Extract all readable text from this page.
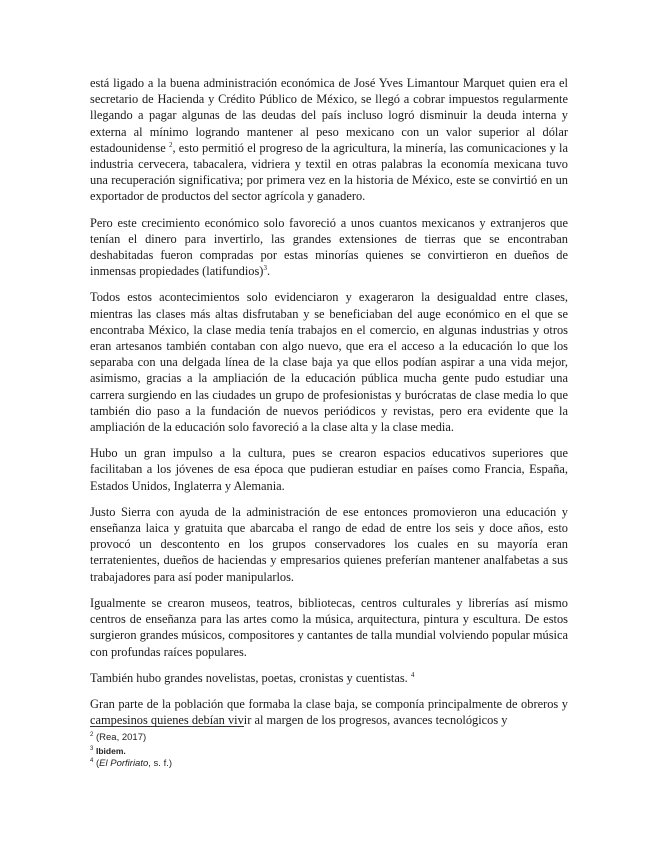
está ligado a la buena administración económica de José Yves Limantour Marquet quien era el secretario de Hacienda y Crédito Público de México, se llegó a cobrar impuestos regularmente llegando a pagar algunas de las deudas del país incluso logró disminuir la deuda interna y externa al mínimo logrando mantener al peso mexicano con un valor superior al dólar estadounidense $^2$, esto permitió el progreso de la agricultura, la minería, las comunicaciones y la industria cervecera, tabacalera, vidriera y textil en otras palabras la economía mexicana tuvo una recuperación significativa; por primera vez en la historia de México, este se convirtió en un exportador de productos del sector agrícola y ganadero.

Pero este crecimiento económico solo favoreció a unos cuantos mexicanos y extranjeros que tenían el dinero para invertirlo, las grandes extensiones de tierras que se encontraban deshabitadas fueron compradas por estas minorías quienes se convirtieron en dueños de inmensas propiedades (latifundios)$^3$.

Todos estos acontecimientos solo evidenciaron y exageraron la desigualdad entre clases, mientras las clases más altas disfrutaban y se beneficiaban del auge económico en el que se encontraba México, la clase media tenía trabajos en el comercio, en algunas industrias y otros eran artesanos también contaban con algo nuevo, que era el acceso a la educación lo que los separaba con una delgada línea de la clase baja ya que ellos podían aspirar a una vida mejor, asimismo, gracias a la ampliación de la educación pública mucha gente pudo estudiar una carrera surgiendo en las ciudades un grupo de profesionistas y burócratas de clase media lo que también dio paso a la fundación de nuevos periódicos y revistas, pero era evidente que la ampliación de la educación solo favoreció a la clase alta y la clase media.

Hubo un gran impulso a la cultura, pues se crearon espacios educativos superiores que facilitaban a los jóvenes de esa época que pudieran estudiar en países como Francia, España, Estados Unidos, Inglaterra y Alemania.

Justo Sierra con ayuda de la administración de ese entonces promovieron una educación y enseñanza laica y gratuita que abarcaba el rango de edad de entre los seis y doce años, esto provocó un descontento en los grupos conservadores los cuales en su mayoría eran terratenientes, dueños de haciendas y empresarios quienes preferían mantener analfabetas a sus trabajadores para así poder manipularlos.

Igualmente se crearon museos, teatros, bibliotecas, centros culturales y librerías así mismo centros de enseñanza para las artes como la música, arquitectura, pintura y escultura. De estos surgieron grandes músicos, compositores y cantantes de talla mundial volviendo popular música con profundas raíces populares.

También hubo grandes novelistas, poetas, cronistas y cuentistas. $^4$

Gran parte de la población que formaba la clase baja, se componía principalmente de obreros y campesinos quienes debían vivir al margen de los progresos, avances tecnológicos y

$^2$ (Rea, 2017)

$^3$ Ibidem.

$^4$ (El Porfiriato, s. f.)
